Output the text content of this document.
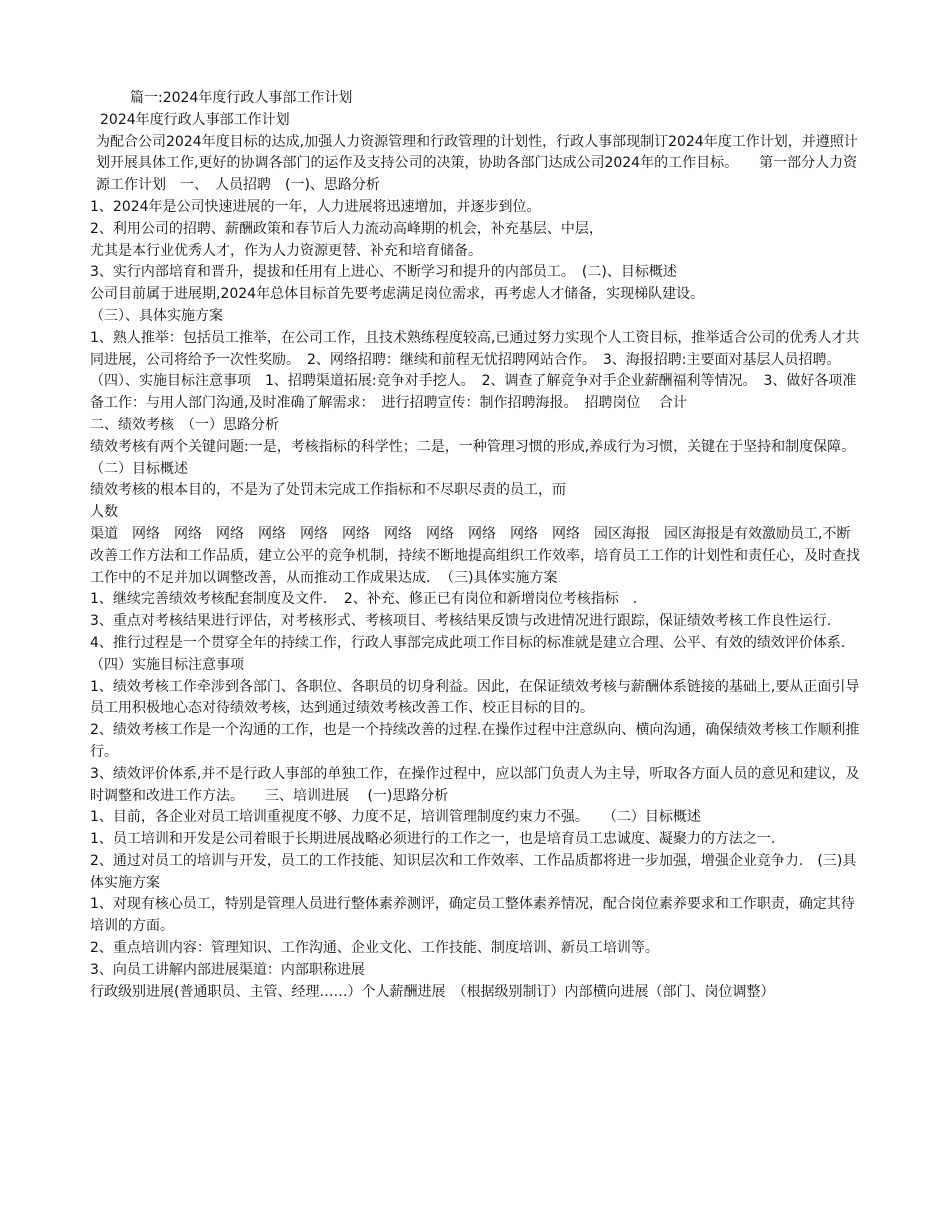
篇一:2024年度行政人事部工作计划

2024年度行政人事部工作计划

为配合公司2024年度目标的达成,加强人力资源管理和行政管理的计划性，行政人事部现制订2024年度工作计划，并遵照计划开展具体工作,更好的协调各部门的运作及支持公司的决策，协助各部门达成公司2024年的工作目标。　　第一部分人力资源工作计划　一、　人员招聘　(一)、思路分析

1、2024年是公司快速进展的一年，人力进展将迅速增加，并逐步到位。

2、利用公司的招聘、薪酬政策和春节后人力流动高峰期的机会，补充基层、中层，

尤其是本行业优秀人才，作为人力资源更替、补充和培育储备。

3、实行内部培育和晋升，提拔和任用有上进心、不断学习和提升的内部员工。　(二)、目标概述

公司目前属于进展期,2024年总体目标首先要考虑满足岗位需求，再考虑人才储备，实现梯队建设。

（三）、具体实施方案

1、熟人推举：包括员工推举，在公司工作，且技术熟练程度较高,已通过努力实现个人工资目标，推举适合公司的优秀人才共同进展，公司将给予一次性奖励。　2、网络招聘：继续和前程无忧招聘网站合作。　3、海报招聘:主要面对基层人员招聘。　（四）、实施目标注意事项　1、招聘渠道拓展:竞争对手挖人。　2、调查了解竞争对手企业薪酬福利等情况。　3、做好各项准备工作：与用人部门沟通,及时准确了解需求：　进行招聘宣传：制作招聘海报。　招聘岗位　 合计

二、绩效考核　（一）思路分析

绩效考核有两个关键问题:一是，考核指标的科学性；二是，一种管理习惯的形成,养成行为习惯，关键在于坚持和制度保障。　　（二）目标概述

绩效考核的根本目的，不是为了处罚未完成工作指标和不尽职尽责的员工，而

人数

渠道　网络　网络　网络　网络　网络　网络　网络　网络　网络　网络　网络　园区海报　园区海报是有效激励员工,不断改善工作方法和工作品质，建立公平的竞争机制，持续不断地提高组织工作效率，培育员工工作的计划性和责任心，及时查找工作中的不足并加以调整改善，从而推动工作成果达成．　（三)具体实施方案

1、继续完善绩效考核配套制度及文件．　2、补充、修正已有岗位和新增岗位考核指标　.

3、重点对考核结果进行评估，对考核形式、考核项目、考核结果反馈与改进情况进行跟踪，保证绩效考核工作良性运行.

4、推行过程是一个贯穿全年的持续工作，行政人事部完成此项工作目标的标准就是建立合理、公平、有效的绩效评价体系.　（四）实施目标注意事项

1、绩效考核工作牵涉到各部门、各职位、各职员的切身利益。因此，在保证绩效考核与薪酬体系链接的基础上,要从正面引导员工用积极地心态对待绩效考核，达到通过绩效考核改善工作、校正目标的目的。

2、绩效考核工作是一个沟通的工作，也是一个持续改善的过程.在操作过程中注意纵向、横向沟通，确保绩效考核工作顺利推行。

3、绩效评价体系,并不是行政人事部的单独工作，在操作过程中，应以部门负责人为主导，听取各方面人员的意见和建议，及时调整和改进工作方法。　　三、培训进展　 (一)思路分析

1、目前，各企业对员工培训重视度不够、力度不足，培训管理制度约束力不强。　　（二）目标概述

1、员工培训和开发是公司着眼于长期进展战略必须进行的工作之一，也是培育员工忠诚度、凝聚力的方法之一.

2、通过对员工的培训与开发，员工的工作技能、知识层次和工作效率、工作品质都将进一步加强，增强企业竞争力.　(三)具体实施方案

1、对现有核心员工，特别是管理人员进行整体素养测评，确定员工整体素养情况，配合岗位素养要求和工作职责，确定其待培训的方面。

2、重点培训内容：管理知识、工作沟通、企业文化、工作技能、制度培训、新员工培训等。

3、向员工讲解内部进展渠道：内部职称进展

行政级别进展(普通职员、主管、经理……）个人薪酬进展　（根据级别制订）内部横向进展（部门、岗位调整）
